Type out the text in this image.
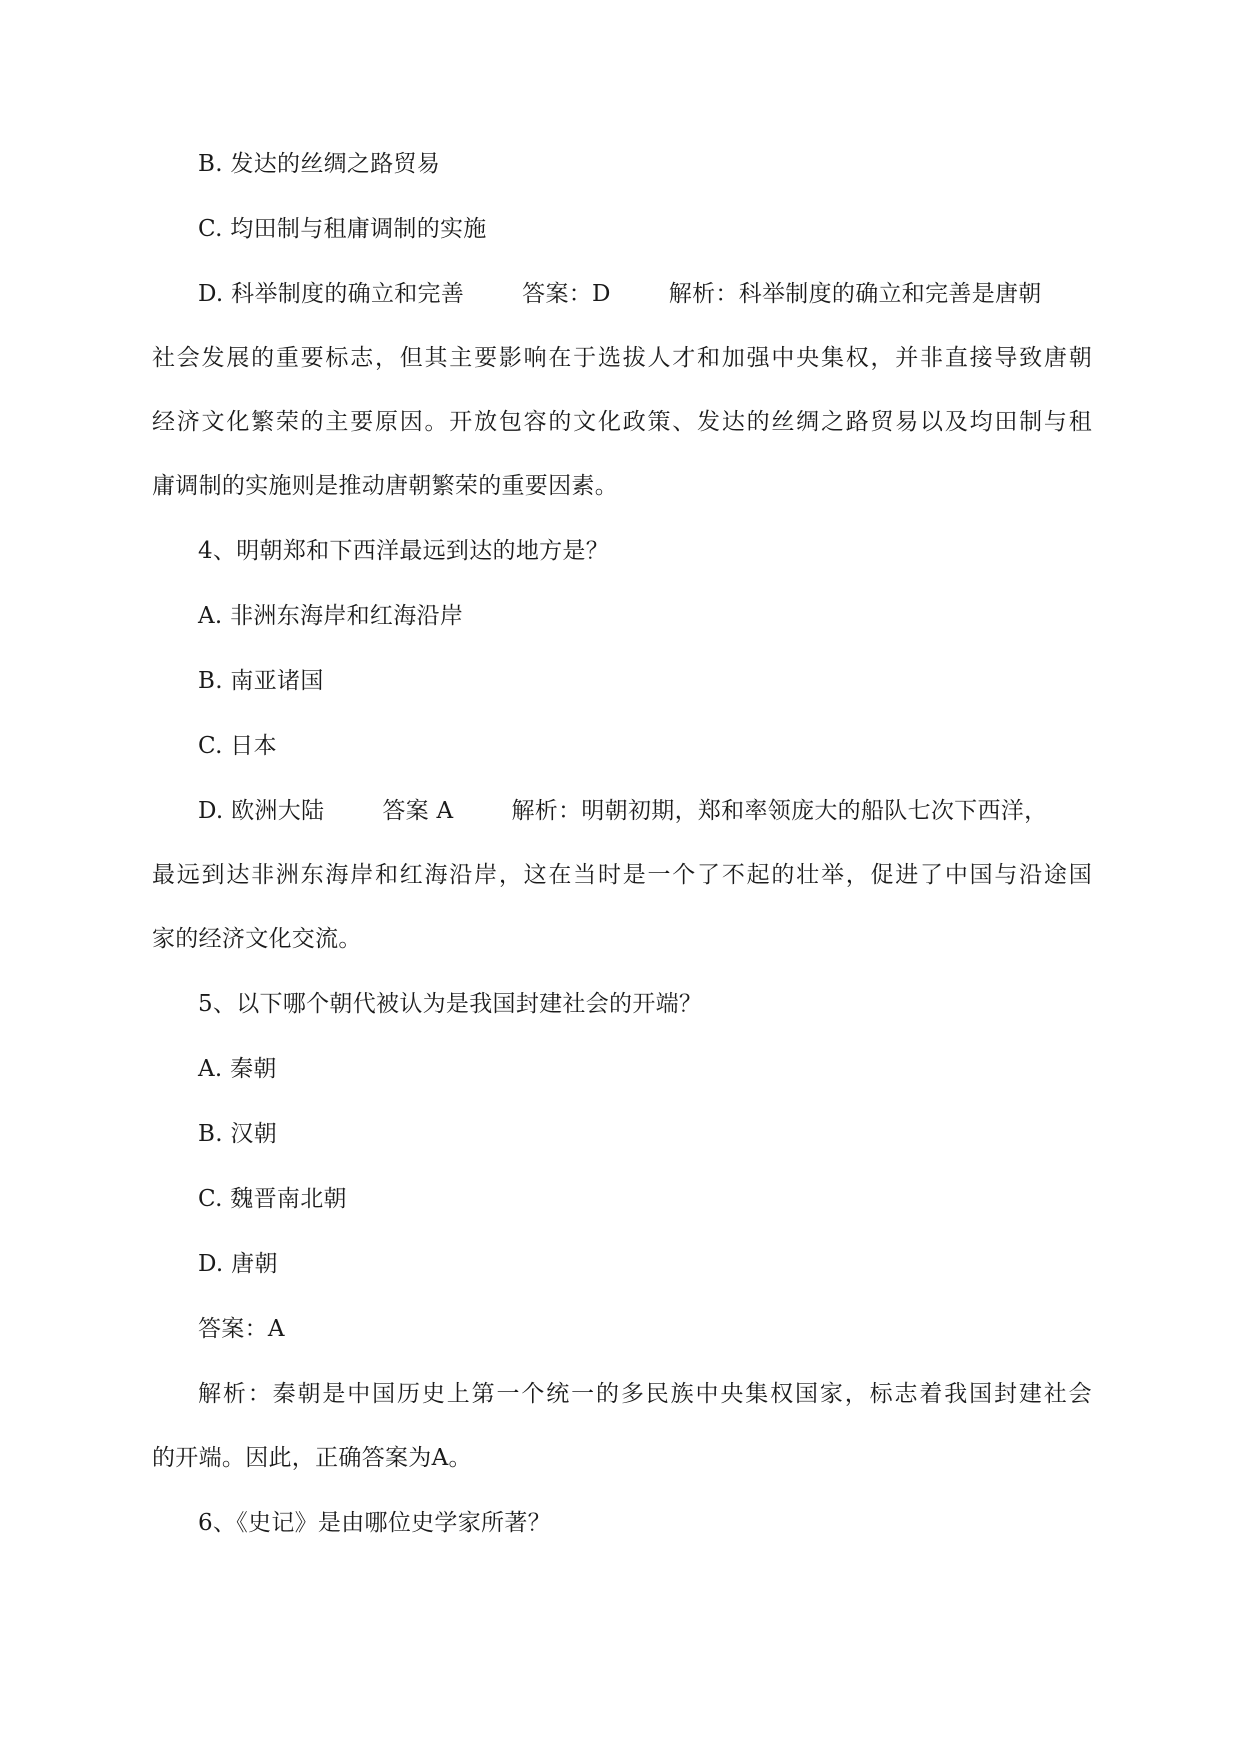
B. 发达的丝绸之路贸易
C. 均田制与租庸调制的实施
D. 科举制度的确立和完善	答案：D	解析：科举制度的确立和完善是唐朝
社会发展的重要标志，但其主要影响在于选拔人才和加强中央集权，并非直接导致唐朝
经济文化繁荣的主要原因。开放包容的文化政策、发达的丝绸之路贸易以及均田制与租
庸调制的实施则是推动唐朝繁荣的重要因素。
4、明朝郑和下西洋最远到达的地方是？
A. 非洲东海岸和红海沿岸
B. 南亚诸国
C. 日本
D. 欧洲大陆	答案 A	解析：明朝初期，郑和率领庞大的船队七次下西洋，
最远到达非洲东海岸和红海沿岸，这在当时是一个了不起的壮举，促进了中国与沿途国
家的经济文化交流。
5、以下哪个朝代被认为是我国封建社会的开端？
A. 秦朝
B. 汉朝
C. 魏晋南北朝
D. 唐朝
答案：A
解析：秦朝是中国历史上第一个统一的多民族中央集权国家，标志着我国封建社会
的开端。因此，正确答案为A。
6、《史记》是由哪位史学家所著？
